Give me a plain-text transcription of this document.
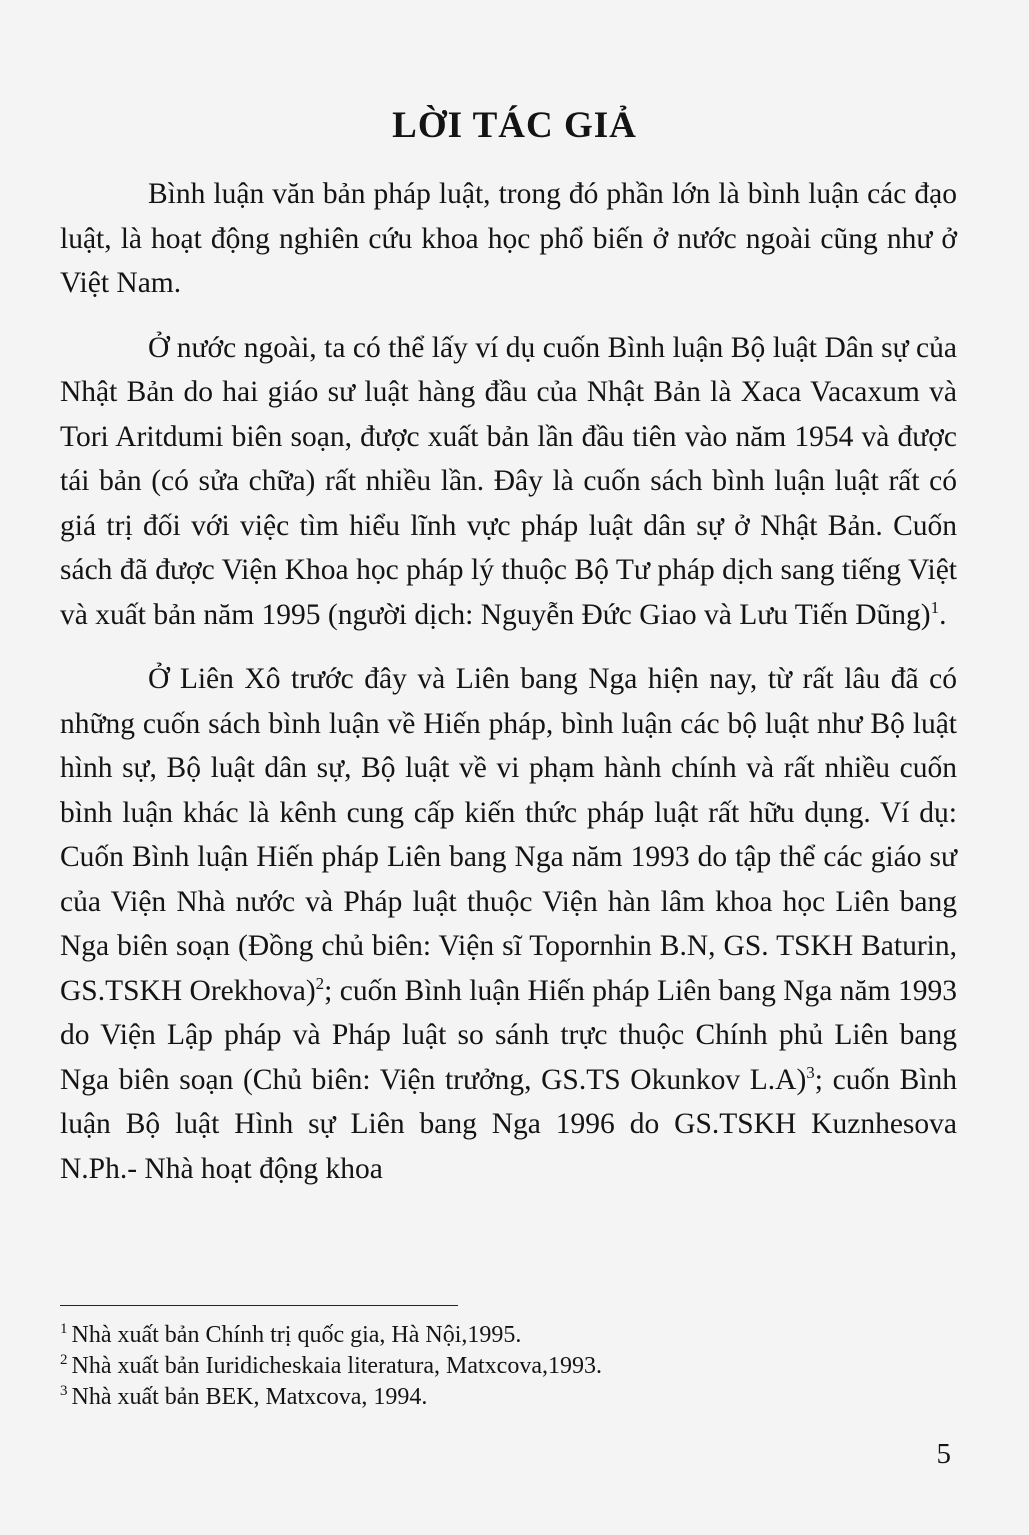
LỜI TÁC GIẢ

Bình luận văn bản pháp luật, trong đó phần lớn là bình luận các đạo luật, là hoạt động nghiên cứu khoa học phổ biến ở nước ngoài cũng như ở Việt Nam.

Ở nước ngoài, ta có thể lấy ví dụ cuốn Bình luận Bộ luật Dân sự của Nhật Bản do hai giáo sư luật hàng đầu của Nhật Bản là Xaca Vacaxum và Tori Aritdumi biên soạn, được xuất bản lần đầu tiên vào năm 1954 và được tái bản (có sửa chữa) rất nhiều lần. Đây là cuốn sách bình luận luật rất có giá trị đối với việc tìm hiểu lĩnh vực pháp luật dân sự ở Nhật Bản. Cuốn sách đã được Viện Khoa học pháp lý thuộc Bộ Tư pháp dịch sang tiếng Việt và xuất bản năm 1995 (người dịch: Nguyễn Đức Giao và Lưu Tiến Dũng)$^1$.

Ở Liên Xô trước đây và Liên bang Nga hiện nay, từ rất lâu đã có những cuốn sách bình luận về Hiến pháp, bình luận các bộ luật như Bộ luật hình sự, Bộ luật dân sự, Bộ luật về vi phạm hành chính và rất nhiều cuốn bình luận khác là kênh cung cấp kiến thức pháp luật rất hữu dụng. Ví dụ: Cuốn Bình luận Hiến pháp Liên bang Nga năm 1993 do tập thể các giáo sư của Viện Nhà nước và Pháp luật thuộc Viện hàn lâm khoa học Liên bang Nga biên soạn (Đồng chủ biên: Viện sĩ Topornhin B.N, GS. TSKH Baturin, GS.TSKH Orekhova)$^2$; cuốn Bình luận Hiến pháp Liên bang Nga năm 1993 do Viện Lập pháp và Pháp luật so sánh trực thuộc Chính phủ Liên bang Nga biên soạn (Chủ biên: Viện trưởng, GS.TS Okunkov L.A)$^3$; cuốn Bình luận Bộ luật Hình sự Liên bang Nga 1996 do GS.TSKH Kuznhesova N.Ph.- Nhà hoạt động khoa

$^1$ Nhà xuất bản Chính trị quốc gia, Hà Nội,1995.

$^2$ Nhà xuất bản Iuridicheskaia literatura, Matxcova,1993.

$^3$ Nhà xuất bản BEK, Matxcova, 1994.

5
